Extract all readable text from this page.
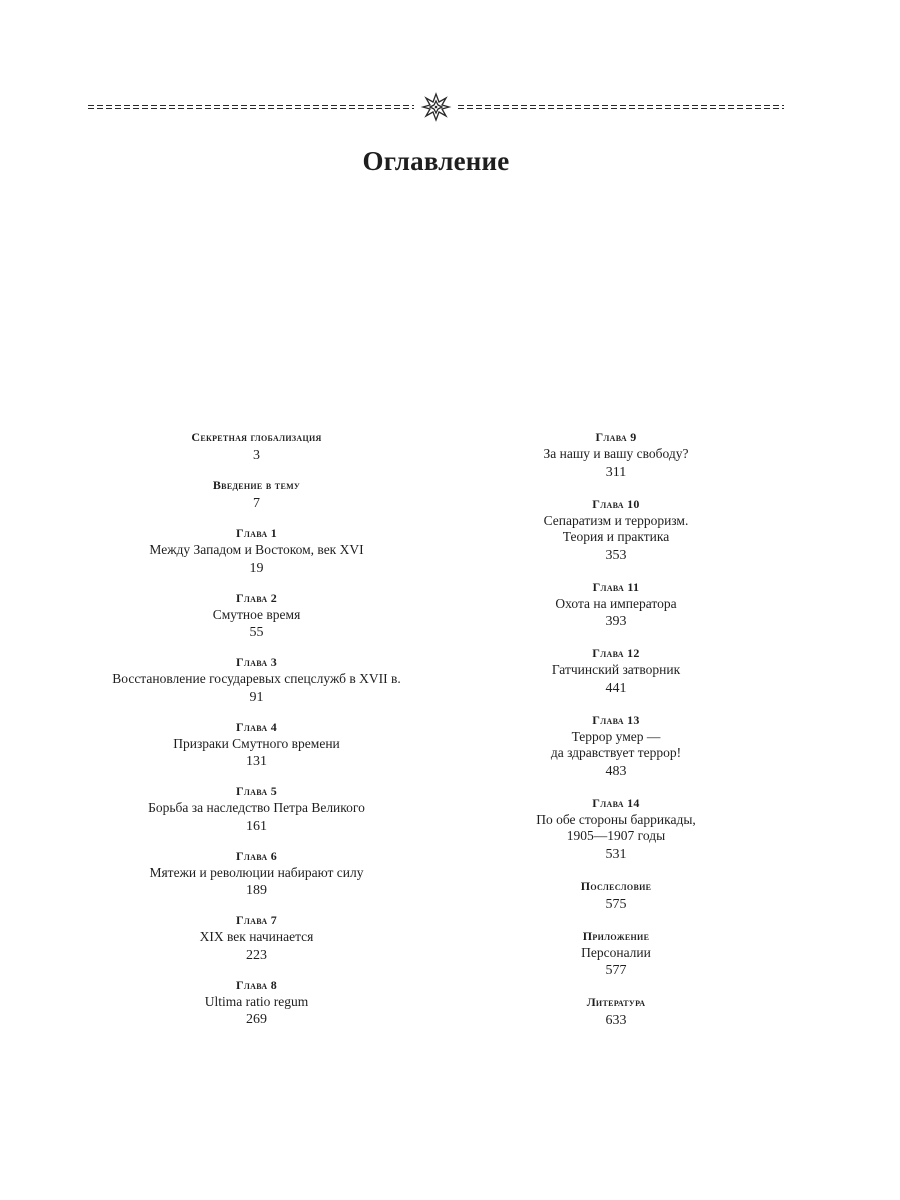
Оглавление
Секретная глобализация
3
Введение в тему
7
Глава 1
Между Западом и Востоком, век XVI
19
Глава 2
Смутное время
55
Глава 3
Восстановление государевых спецслужб в XVII в.
91
Глава 4
Призраки Смутного времени
131
Глава 5
Борьба за наследство Петра Великого
161
Глава 6
Мятежи и революции набирают силу
189
Глава 7
XIX век начинается
223
Глава 8
Ultima ratio regum
269
Глава 9
За нашу и вашу свободу?
311
Глава 10
Сепаратизм и терроризм.
Теория и практика
353
Глава 11
Охота на императора
393
Глава 12
Гатчинский затворник
441
Глава 13
Террор умер —
да здравствует террор!
483
Глава 14
По обе стороны баррикады,
1905—1907 годы
531
Послесловие
575
Приложение
Персоналии
577
Литература
633
